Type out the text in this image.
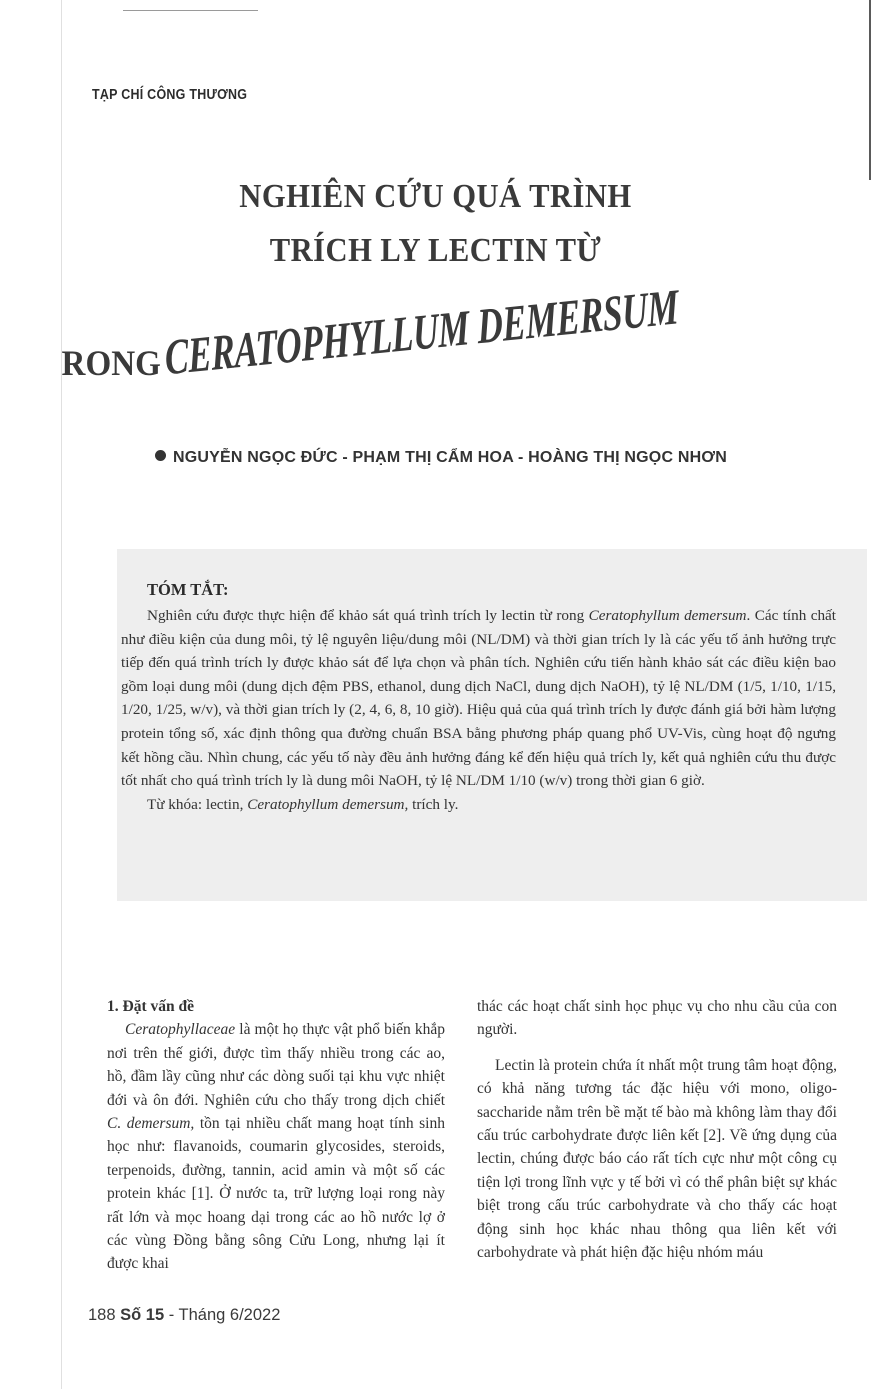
TẠP CHÍ CÔNG THƯƠNG
NGHIÊN CỨU QUÁ TRÌNH
TRÍCH LY LECTIN TỪ
RONGCERATOPHYLLUM DEMERSUM
NGUYỄN NGỌC ĐỨC - PHẠM THỊ CẨM HOA - HOÀNG THỊ NGỌC NHƠN
TÓM TẮT:

Nghiên cứu được thực hiện để khảo sát quá trình trích ly lectin từ rong Ceratophyllum demersum. Các tính chất như điều kiện của dung môi, tỷ lệ nguyên liệu/dung môi (NL/DM) và thời gian trích ly là các yếu tố ảnh hưởng trực tiếp đến quá trình trích ly được khảo sát để lựa chọn và phân tích. Nghiên cứu tiến hành khảo sát các điều kiện bao gồm loại dung môi (dung dịch đệm PBS, ethanol, dung dịch NaCl, dung dịch NaOH), tỷ lệ NL/DM (1/5, 1/10, 1/15, 1/20, 1/25, w/v), và thời gian trích ly (2, 4, 6, 8, 10 giờ). Hiệu quả của quá trình trích ly được đánh giá bởi hàm lượng protein tổng số, xác định thông qua đường chuẩn BSA bằng phương pháp quang phổ UV-Vis, cùng hoạt độ ngưng kết hồng cầu. Nhìn chung, các yếu tố này đều ảnh hưởng đáng kể đến hiệu quả trích ly, kết quả nghiên cứu thu được tốt nhất cho quá trình trích ly là dung môi NaOH, tỷ lệ NL/DM 1/10 (w/v) trong thời gian 6 giờ.

Từ khóa: lectin, Ceratophyllum demersum, trích ly.

1. Đặt vấn đề

Ceratophyllaceae là một họ thực vật phổ biến khắp nơi trên thế giới, được tìm thấy nhiều trong các ao, hồ, đầm lầy cũng như các dòng suối tại khu vực nhiệt đới và ôn đới. Nghiên cứu cho thấy trong dịch chiết C. demersum, tồn tại nhiều chất mang hoạt tính sinh học như: flavanoids, coumarin glycosides, steroids, terpenoids, đường, tannin, acid amin và một số các protein khác [1]. Ở nước ta, trữ lượng loại rong này rất lớn và mọc hoang dại trong các ao hồ nước lợ ở các vùng Đồng bằng sông Cửu Long, nhưng lại ít được khai

thác các hoạt chất sinh học phục vụ cho nhu cầu của con người.

Lectin là protein chứa ít nhất một trung tâm hoạt động, có khả năng tương tác đặc hiệu với mono, oligo-saccharide nằm trên bề mặt tế bào mà không làm thay đổi cấu trúc carbohydrate được liên kết [2]. Về ứng dụng của lectin, chúng được báo cáo rất tích cực như một công cụ tiện lợi trong lĩnh vực y tế bởi vì có thể phân biệt sự khác biệt trong cấu trúc carbohydrate và cho thấy các hoạt động sinh học khác nhau thông qua liên kết với carbohydrate và phát hiện đặc hiệu nhóm máu

188 Số 15 - Tháng 6/2022
